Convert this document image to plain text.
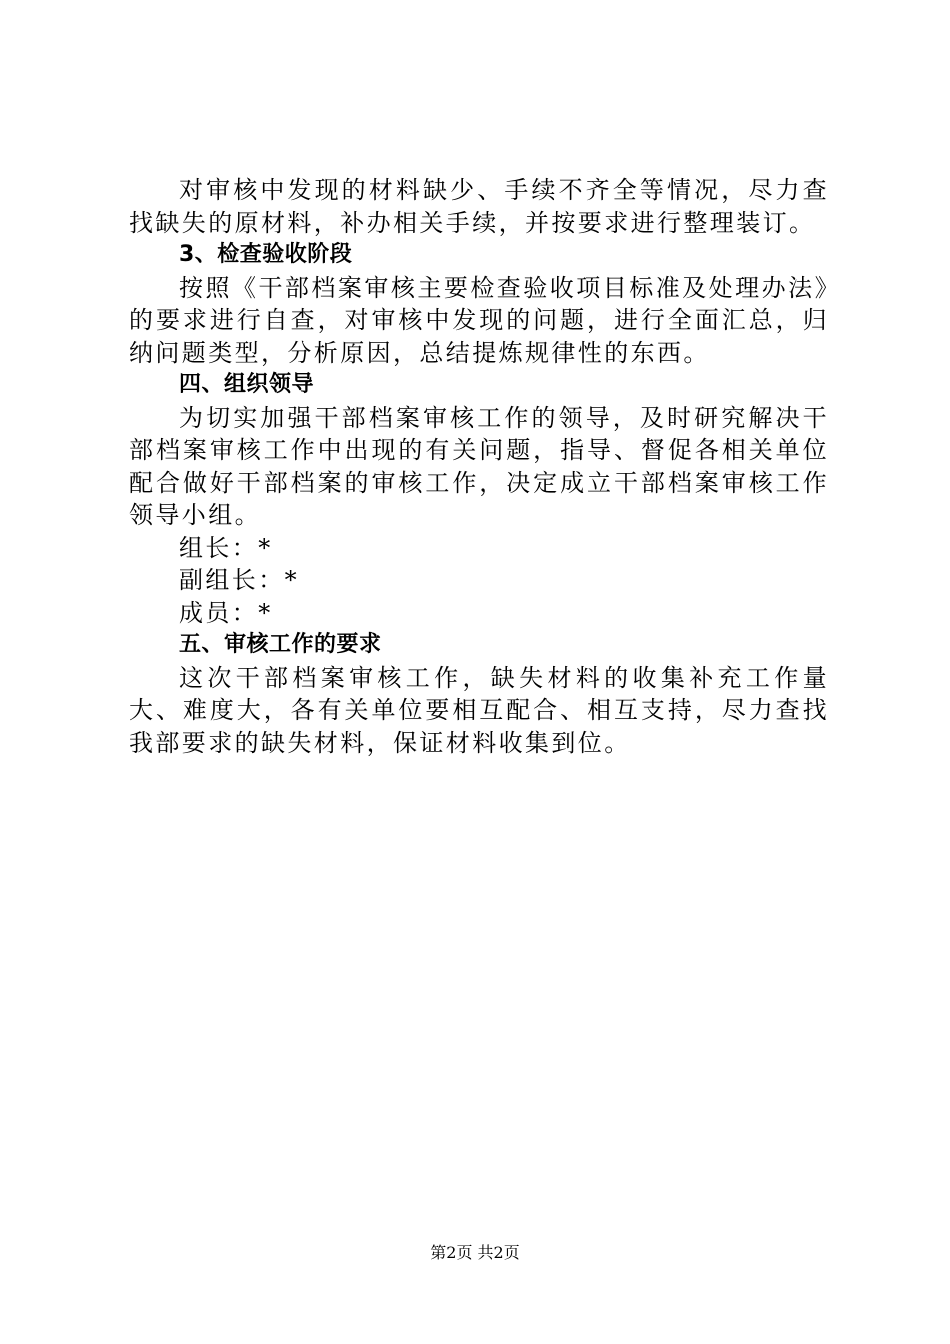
对审核中发现的材料缺少、手续不齐全等情况，尽力查找缺失的原材料，补办相关手续，并按要求进行整理装订。

3、检查验收阶段

按照《干部档案审核主要检查验收项目标准及处理办法》的要求进行自查，对审核中发现的问题，进行全面汇总，归纳问题类型，分析原因，总结提炼规律性的东西。

四、组织领导

为切实加强干部档案审核工作的领导，及时研究解决干部档案审核工作中出现的有关问题，指导、督促各相关单位配合做好干部档案的审核工作，决定成立干部档案审核工作领导小组。

组长：*

副组长：*

成员：*

五、审核工作的要求

这次干部档案审核工作，缺失材料的收集补充工作量大、难度大，各有关单位要相互配合、相互支持，尽力查找我部要求的缺失材料，保证材料收集到位。

第2页 共2页
